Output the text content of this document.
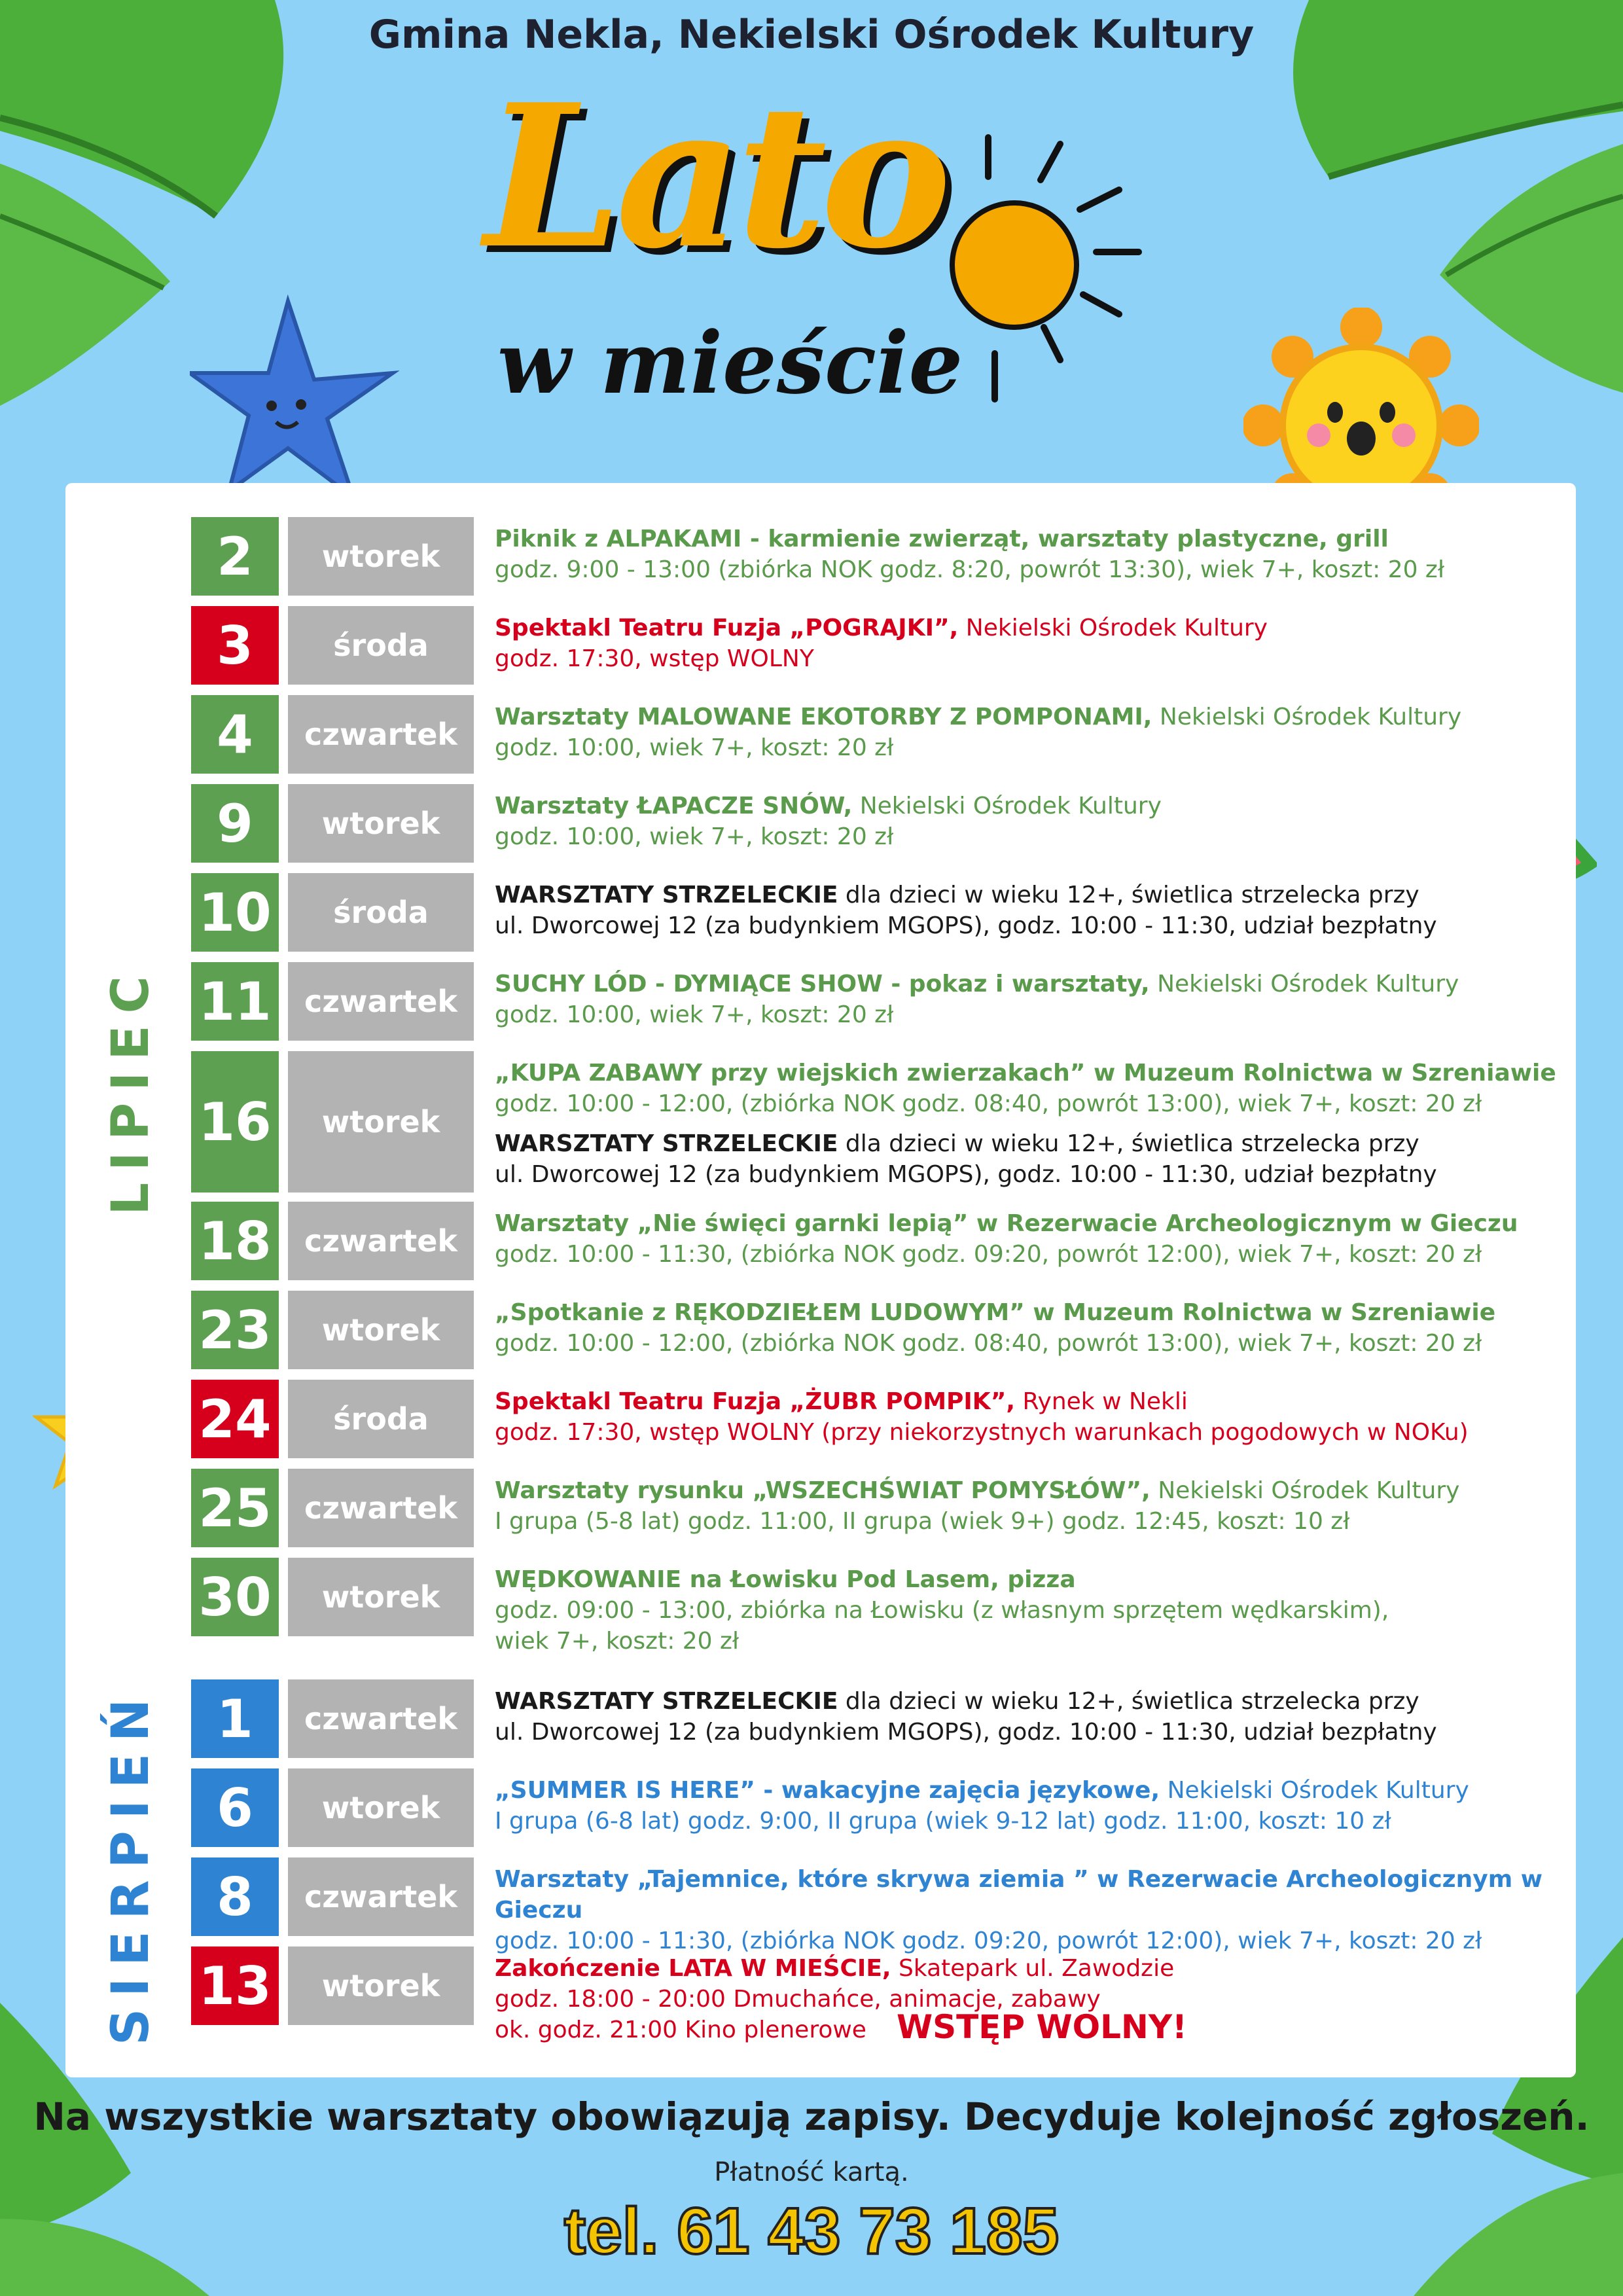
Gmina Nekla, Nekielski Ośrodek Kultury
Lato
w mieście
LIPIEC
SIERPIEŃ
2	wtorek	Piknik z ALPAKAMI - karmienie zwierząt, warsztaty plastyczne, grill
godz. 9:00 - 13:00 (zbiórka NOK godz. 8:20, powrót 13:30), wiek 7+, koszt: 20 zł
3	środa	Spektakl Teatru Fuzja „POGRAJKI”, Nekielski Ośrodek Kultury
godz. 17:30, wstęp WOLNY
4	czwartek	Warsztaty MALOWANE EKOTORBY Z POMPONAMI, Nekielski Ośrodek Kultury
godz. 10:00, wiek 7+, koszt: 20 zł
9	wtorek	Warsztaty ŁAPACZE SNÓW, Nekielski Ośrodek Kultury
godz. 10:00, wiek 7+, koszt: 20 zł
10	środa	WARSZTATY STRZELECKIE dla dzieci w wieku 12+, świetlica strzelecka przy
ul. Dworcowej 12 (za budynkiem MGOPS), godz. 10:00 - 11:30, udział bezpłatny
11	czwartek	SUCHY LÓD - DYMIĄCE SHOW - pokaz i warsztaty, Nekielski Ośrodek Kultury
godz. 10:00, wiek 7+, koszt: 20 zł
16	wtorek
„KUPA ZABAWY przy wiejskich zwierzakach” w Muzeum Rolnictwa w Szreniawie
godz. 10:00 - 12:00, (zbiórka NOK godz. 08:40, powrót 13:00), wiek 7+, koszt: 20 zł
WARSZTATY STRZELECKIE dla dzieci w wieku 12+, świetlica strzelecka przy
ul. Dworcowej 12 (za budynkiem MGOPS), godz. 10:00 - 11:30, udział bezpłatny
18	czwartek	Warsztaty „Nie święci garnki lepią” w Rezerwacie Archeologicznym w Gieczu
godz. 10:00 - 11:30, (zbiórka NOK godz. 09:20, powrót 12:00), wiek 7+, koszt: 20 zł
23	wtorek	„Spotkanie z RĘKODZIEŁEM LUDOWYM” w Muzeum Rolnictwa w Szreniawie
godz. 10:00 - 12:00, (zbiórka NOK godz. 08:40, powrót 13:00), wiek 7+, koszt: 20 zł
24	środa	Spektakl Teatru Fuzja „ŻUBR POMPIK”, Rynek w Nekli
godz. 17:30, wstęp WOLNY (przy niekorzystnych warunkach pogodowych w NOKu)
25	czwartek	Warsztaty rysunku „WSZECHŚWIAT POMYSŁÓW”, Nekielski Ośrodek Kultury
I grupa (5-8 lat) godz. 11:00, II grupa (wiek 9+) godz. 12:45, koszt: 10 zł
30	wtorek	WĘDKOWANIE na Łowisku Pod Lasem, pizza
godz. 09:00 - 13:00, zbiórka na Łowisku (z własnym sprzętem wędkarskim),
wiek 7+, koszt: 20 zł
1	czwartek	WARSZTATY STRZELECKIE dla dzieci w wieku 12+, świetlica strzelecka przy
ul. Dworcowej 12 (za budynkiem MGOPS), godz. 10:00 - 11:30, udział bezpłatny
6	wtorek	„SUMMER IS HERE” - wakacyjne zajęcia językowe, Nekielski Ośrodek Kultury
I grupa (6-8 lat) godz. 9:00, II grupa (wiek 9-12 lat) godz. 11:00, koszt: 10 zł
8	czwartek	Warsztaty „Tajemnice, które skrywa ziemia ” w Rezerwacie Archeologicznym w Gieczu
godz. 10:00 - 11:30, (zbiórka NOK godz. 09:20, powrót 12:00), wiek 7+, koszt: 20 zł
13	wtorek	Zakończenie LATA W MIEŚCIE, Skatepark ul. Zawodzie
godz. 18:00 - 20:00 Dmuchańce, animacje, zabawy
ok. godz. 21:00 Kino plenerowe WSTĘP WOLNY!
Na wszystkie warsztaty obowiązują zapisy. Decyduje kolejność zgłoszeń.
Płatność kartą.
tel. 61 43 73 185
